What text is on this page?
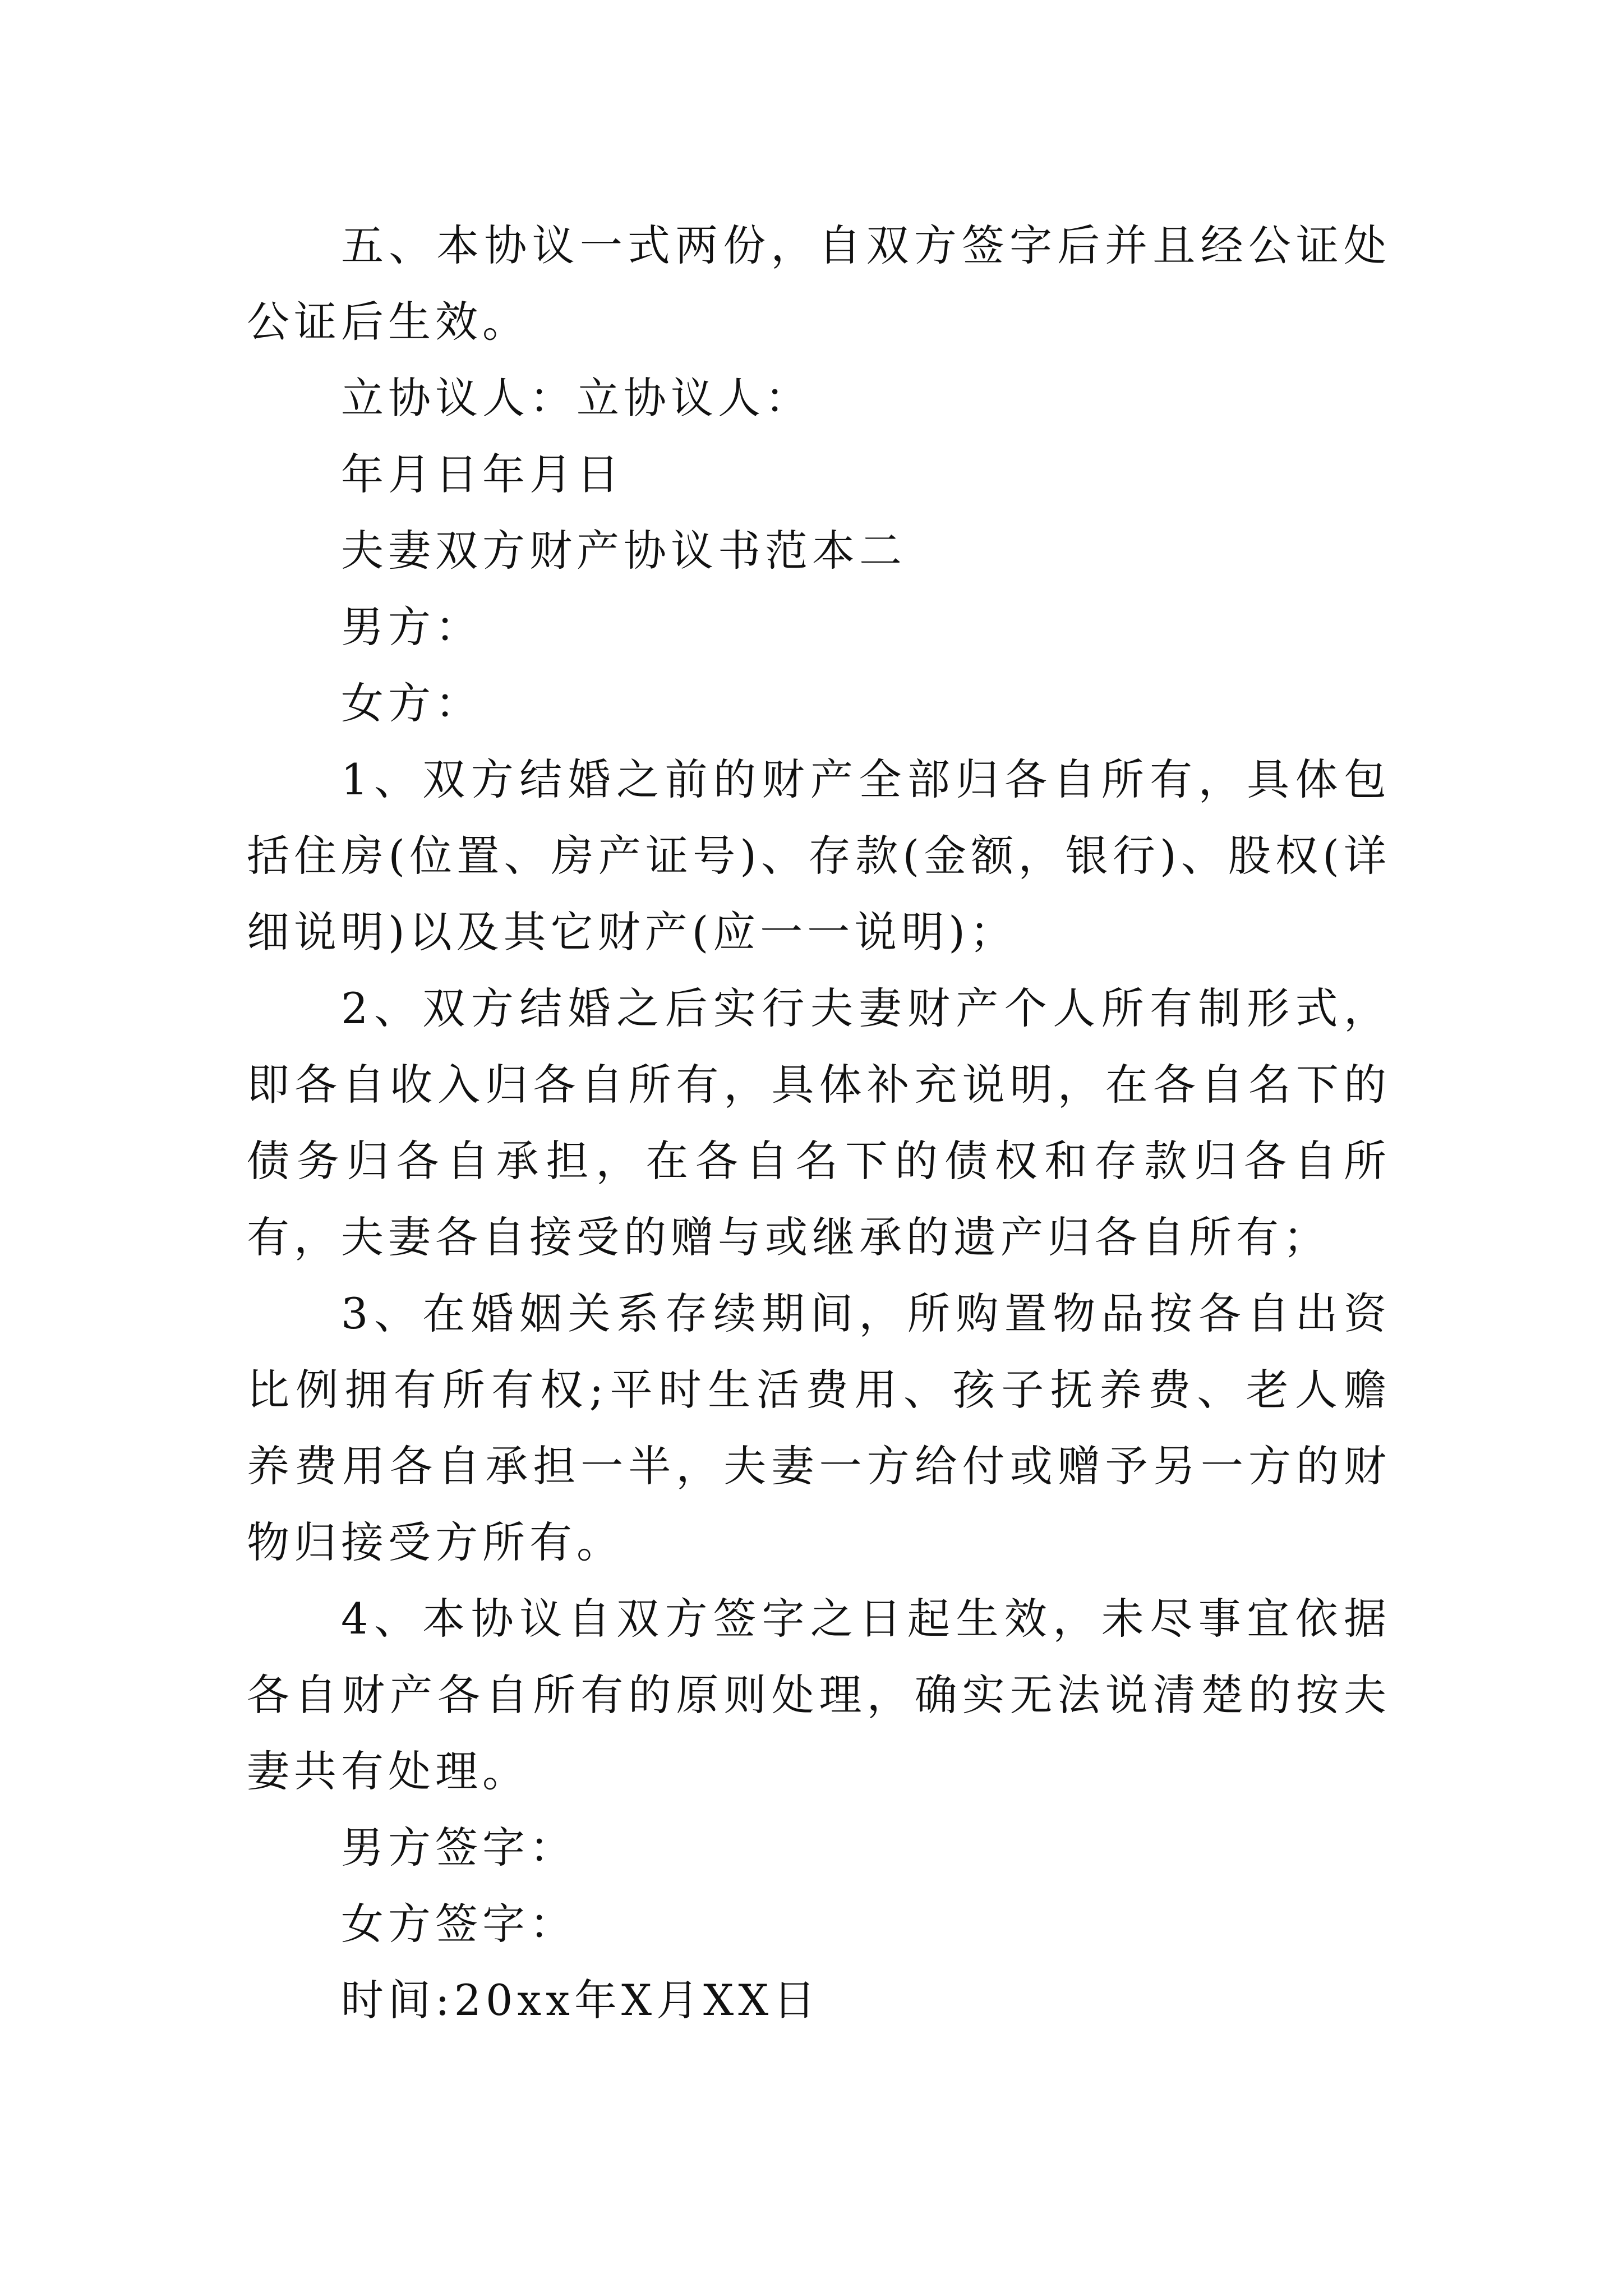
五、本协议一式两份，自双方签字后并且经公证处公证后生效。

立协议人：立协议人：

年月日年月日

夫妻双方财产协议书范本二

男方：

女方：

1、双方结婚之前的财产全部归各自所有，具体包括住房(位置、房产证号)、存款(金额，银行)、股权(详细说明)以及其它财产(应一一说明)；

2、双方结婚之后实行夫妻财产个人所有制形式，即各自收入归各自所有，具体补充说明，在各自名下的债务归各自承担，在各自名下的债权和存款归各自所有，夫妻各自接受的赠与或继承的遗产归各自所有；

3、在婚姻关系存续期间，所购置物品按各自出资比例拥有所有权;平时生活费用、孩子抚养费、老人赡养费用各自承担一半，夫妻一方给付或赠予另一方的财物归接受方所有。

4、本协议自双方签字之日起生效，未尽事宜依据各自财产各自所有的原则处理，确实无法说清楚的按夫妻共有处理。

男方签字：

女方签字：

时间:20xx年X月XX日
